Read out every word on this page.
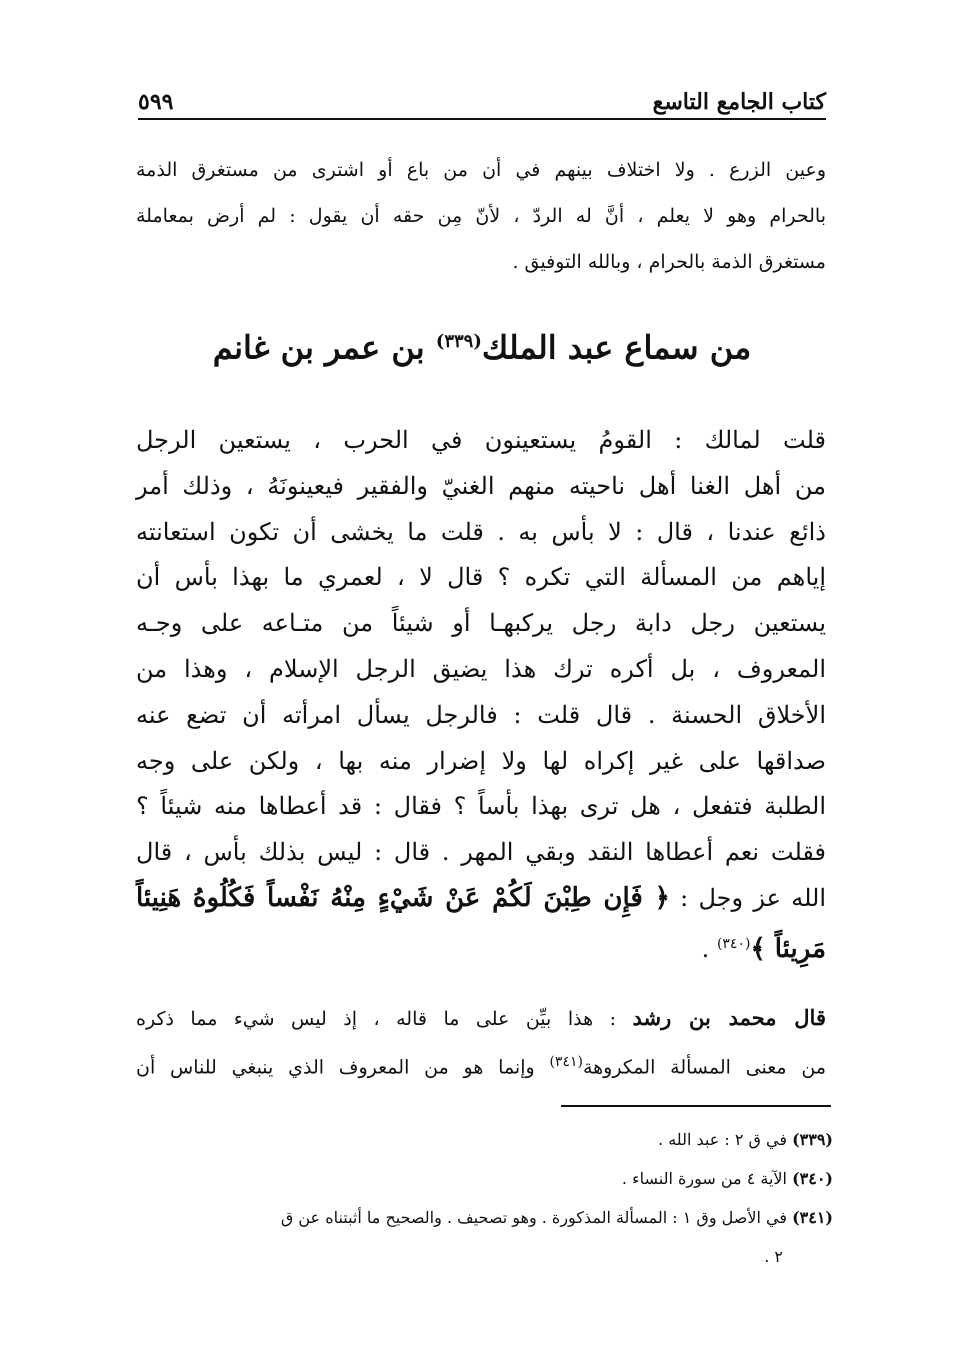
كتاب الجامع التاسع
٥٩٩
وعين الزرع . ولا اختلاف بينهم في أن من باع أو اشترى من مستغرق الذمة
بالحرام وهو لا يعلم ، أنَّ له الردّ ، لأنّ مِن حقه أن يقول : لم أرض بمعاملة
مستغرق الذمة بالحرام ، وبالله التوفيق .
من سماع عبد الملك$^{(٣٣٩)}$ بن عمر بن غانم
قلت لمالك : القومُ يستعينون في الحرب ، يستعين الرجل
من أهل الغنا أهل ناحيته منهم الغنيّ والفقير فيعينونَهُ ، وذلك أمر
ذائع عندنا ، قال : لا بأس به . قلت ما يخشى أن تكون استعانته
إياهم من المسألة التي تكره ؟ قال لا ، لعمري ما بهذا بأس أن
يستعين رجل دابة رجل يركبهـا أو شيئاً من متـاعه على وجـه
المعروف ، بل أكره ترك هذا يضيق الرجل الإسلام ، وهذا من
الأخلاق الحسنة . قال قلت : فالرجل يسأل امرأته أن تضع عنه
صداقها على غير إكراه لها ولا إضرار منه بها ، ولكن على وجه
الطلبة فتفعل ، هل ترى بهذا بأساً ؟ فقال : قد أعطاها منه شيئاً ؟
فقلت نعم أعطاها النقد وبقي المهر . قال : ليس بذلك بأس ، قال
الله عز وجل : ﴿ فَإِن طِبْنَ لَكُمْ عَنْ شَيْءٍ مِنْهُ نَفْساً فَكُلُوهُ هَنِيئاً
مَرِيئاً ﴾$^{(٣٤٠)}$ .
قال محمد بن رشد : هذا بيِّن على ما قاله ، إذ ليس شيء مما ذكره
من معنى المسألة المكروهة$^{(٣٤١)}$ وإنما هو من المعروف الذي ينبغي للناس أن
(٣٣٩) في ق ٢ : عبد الله .
(٣٤٠) الآية ٤ من سورة النساء .
(٣٤١) في الأصل وق ١ : المسألة المذكورة . وهو تصحيف . والصحيح ما أثبتناه عن ق
٢ .
